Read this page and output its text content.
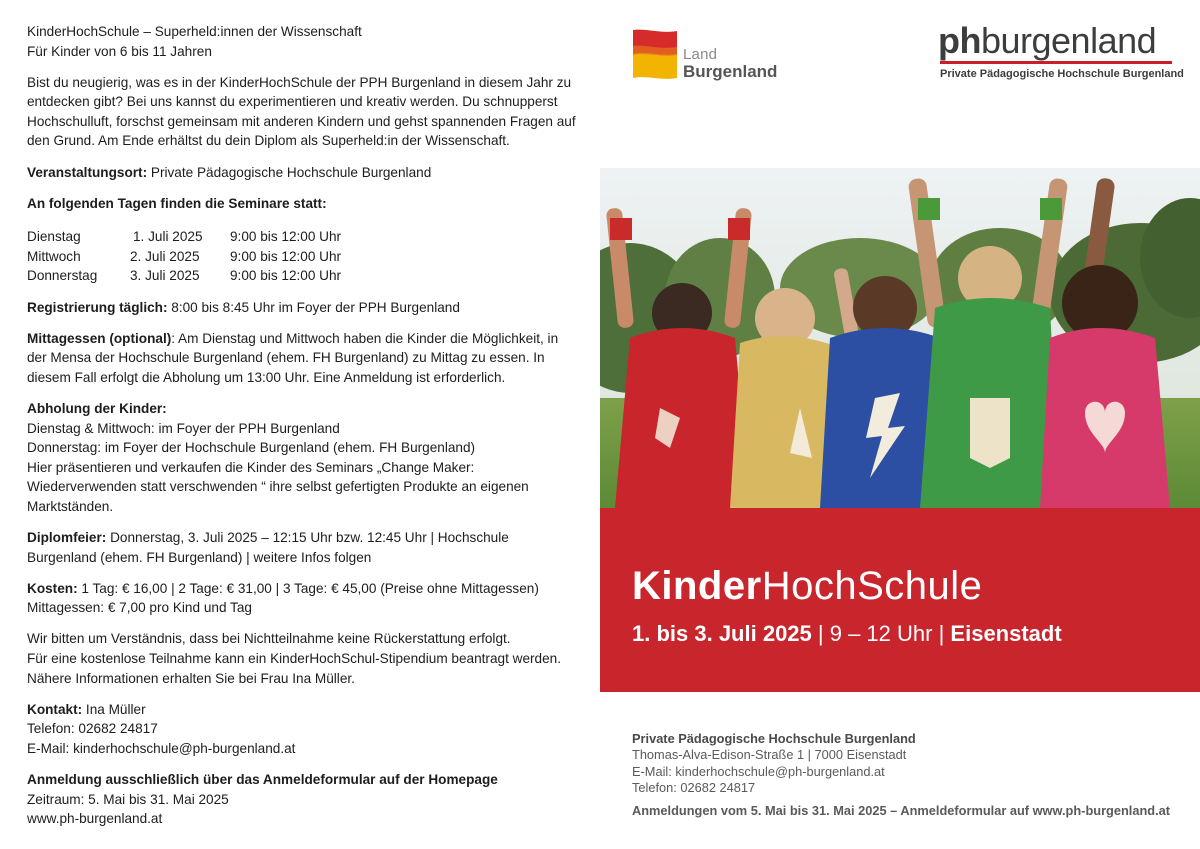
KinderHochSchule – Superheld:innen der Wissenschaft
Für Kinder von 6 bis 11 Jahren

Bist du neugierig, was es in der KinderHochSchule der PPH Burgenland in diesem Jahr zu entdecken gibt? Bei uns kannst du experimentieren und kreativ werden. Du schnupperst Hochschulluft, forschst gemeinsam mit anderen Kindern und gehst spannenden Fragen auf den Grund. Am Ende erhältst du dein Diplom als Superheld:in der Wissenschaft.

Veranstaltungsort: Private Pädagogische Hochschule Burgenland

An folgenden Tagen finden die Seminare statt:

Dienstag	1. Juli 2025	9:00 bis 12:00 Uhr
Mittwoch	2. Juli 2025	9:00 bis 12:00 Uhr
Donnerstag	3. Juli 2025	9:00 bis 12:00 Uhr

Registrierung täglich: 8:00 bis 8:45 Uhr im Foyer der PPH Burgenland

Mittagessen (optional): Am Dienstag und Mittwoch haben die Kinder die Möglichkeit, in der Mensa der Hochschule Burgenland (ehem. FH Burgenland) zu Mittag zu essen. In diesem Fall erfolgt die Abholung um 13:00 Uhr. Eine Anmeldung ist erforderlich.

Abholung der Kinder:
Dienstag & Mittwoch: im Foyer der PPH Burgenland
Donnerstag: im Foyer der Hochschule Burgenland (ehem. FH Burgenland)
Hier präsentieren und verkaufen die Kinder des Seminars „Change Maker: Wiederverwenden statt verschwenden “ ihre selbst gefertigten Produkte an eigenen Marktständen.

Diplomfeier: Donnerstag, 3. Juli 2025 – 12:15 Uhr bzw. 12:45 Uhr | Hochschule Burgenland (ehem. FH Burgenland) | weitere Infos folgen

Kosten: 1 Tag: € 16,00 | 2 Tage: € 31,00 | 3 Tage: € 45,00 (Preise ohne Mittagessen)
Mittagessen: € 7,00 pro Kind und Tag

Wir bitten um Verständnis, dass bei Nichtteilnahme keine Rückerstattung erfolgt.
Für eine kostenlose Teilnahme kann ein KinderHochSchul-Stipendium beantragt werden.
Nähere Informationen erhalten Sie bei Frau Ina Müller.

Kontakt: Ina Müller
Telefon: 02682 24817
E-Mail: kinderhochschule@ph-burgenland.at

Anmeldung ausschließlich über das Anmeldeformular auf der Homepage
Zeitraum: 5. Mai bis 31. Mai 2025
www.ph-burgenland.at

Land
Burgenland
phburgenland
Private Pädagogische Hochschule Burgenland
KinderHochSchule
1. bis 3. Juli 2025 | 9 – 12 Uhr | Eisenstadt
Private Pädagogische Hochschule Burgenland
Thomas-Alva-Edison-Straße 1 | 7000 Eisenstadt
E-Mail: kinderhochschule@ph-burgenland.at
Telefon: 02682 24817
Anmeldungen vom 5. Mai bis 31. Mai 2025 – Anmeldeformular auf www.ph-burgenland.at
